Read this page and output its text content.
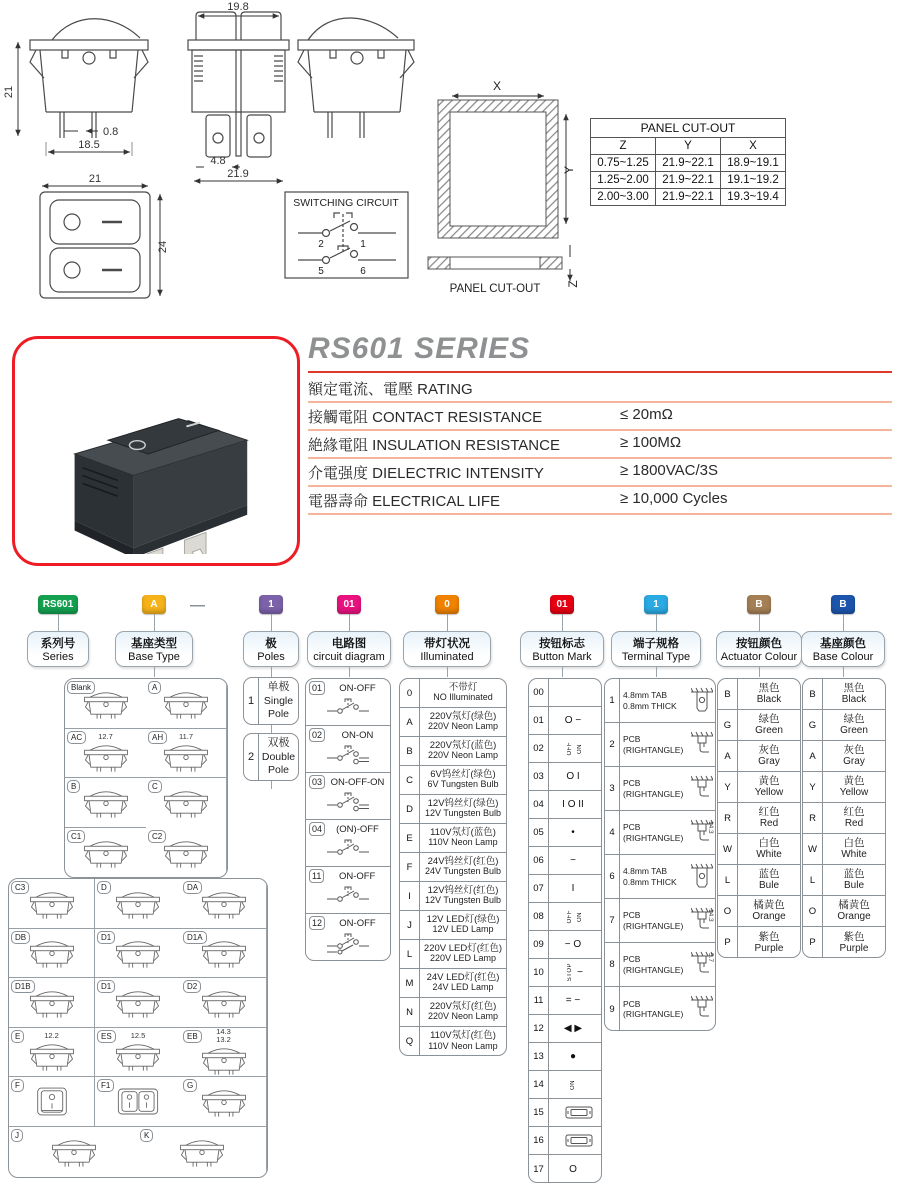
21
0.8
18.5
21
24
19.8
4.8
21.9
SWITCHING CIRCUIT
2	1
5	6
X
Y
PANEL CUT-OUT Z
PANEL CUT-OUT		
Z	Y	X
0.75~1.25	21.9~22.1	18.9~19.1
1.25~2.00	21.9~22.1	19.1~19.2
2.00~3.00	21.9~22.1	19.3~19.4
RS601 SERIES
額定電流、電壓 RATING
接觸電阻 CONTACT RESISTANCE	≤ 20mΩ
絶緣電阻 INSULATION RESISTANCE	≥ 100MΩ
介電强度 DIELECTRIC INTENSITY	≥ 1800VAC/3S
電器壽命 ELECTRICAL LIFE	≥ 10,000 Cycles
—
RS601
系列号
Series
A
基座类型
Base Type
1
极
Poles
1
单极
Single Pole
2
双极
Double Pole
01
电路图
circuit diagram
0
带灯状况
Illuminated
01
按钮标志
Button Mark
1
端子规格
Terminal Type
B
按钮颜色
Actuator Colour
B
基座颜色
Base Colour
Blank	A
AC	12.7	AH	11.7
B	C
C1	C2
C3	D	DA
DB	D1	D1A
D1B	D1	D2
E	12.2	ES	12.5	EB
14.3
13.2
F	F1	G
J	K
01	ON-OFF
02	ON-ON
03 ON-OFF-ON
04	(ON)-OFF
11	ON-OFF
12	ON-OFF
0
不带灯
NO Illuminated
A
220V氖灯(绿色)
220V Neon Lamp
B
220V氖灯(蓝色)
220V Neon Lamp
C
6V钨丝灯(绿色)
6V Tungsten Bulb
D
12V钨丝灯(绿色)
12V Tungsten Bulb
E
110V氖灯(蓝色)
110V Neon Lamp
F
24V钨丝灯(红色)
24V Tungsten Bulb
I
12V钨丝灯(红色)
12V Tungsten Bulb
J
12V LED灯(绿色)
12V LED Lamp
L
220V LED灯(红色)
220V LED Lamp
M
24V LED灯(红色)
24V LED Lamp
N
220V氖灯(红色)
220V Neon Lamp
Q
110V氖灯(红色)
110V Neon Lamp
00
01	O −
02	OFF ON
03	O I
04	I O II
05	•
06	−
07	I
08	OFF ON
09	− O
10	STOP −
11	= −
12	◀ ▶
13	●
14	ON
15
16
17	O
1 4.8mm TAB
0.8mm THICK
2 PCB
(RIGHTANGLE)
3 PCB
(RIGHTANGLE)
4 PCB
(RIGHTANGLE)
14.3
6 4.8mm TAB
0.8mm THICK
7 PCB
(RIGHTANGLE)
14.3
8 PCB
(RIGHTANGLE)
5.7
9 PCB
(RIGHTANGLE)
B	黑色
Black
G	绿色
Green
A	灰色
Gray
Y	黄色
Yellow
R	红色
Red
W	白色
White
L	蓝色
Bule
O	橘黄色
Orange
P	紫色
Purple
B	黑色
Black
G	绿色
Green
A	灰色
Gray
Y	黄色
Yellow
R	红色
Red
W	白色
White
L	蓝色
Bule
O	橘黄色
Orange
P	紫色
Purple
